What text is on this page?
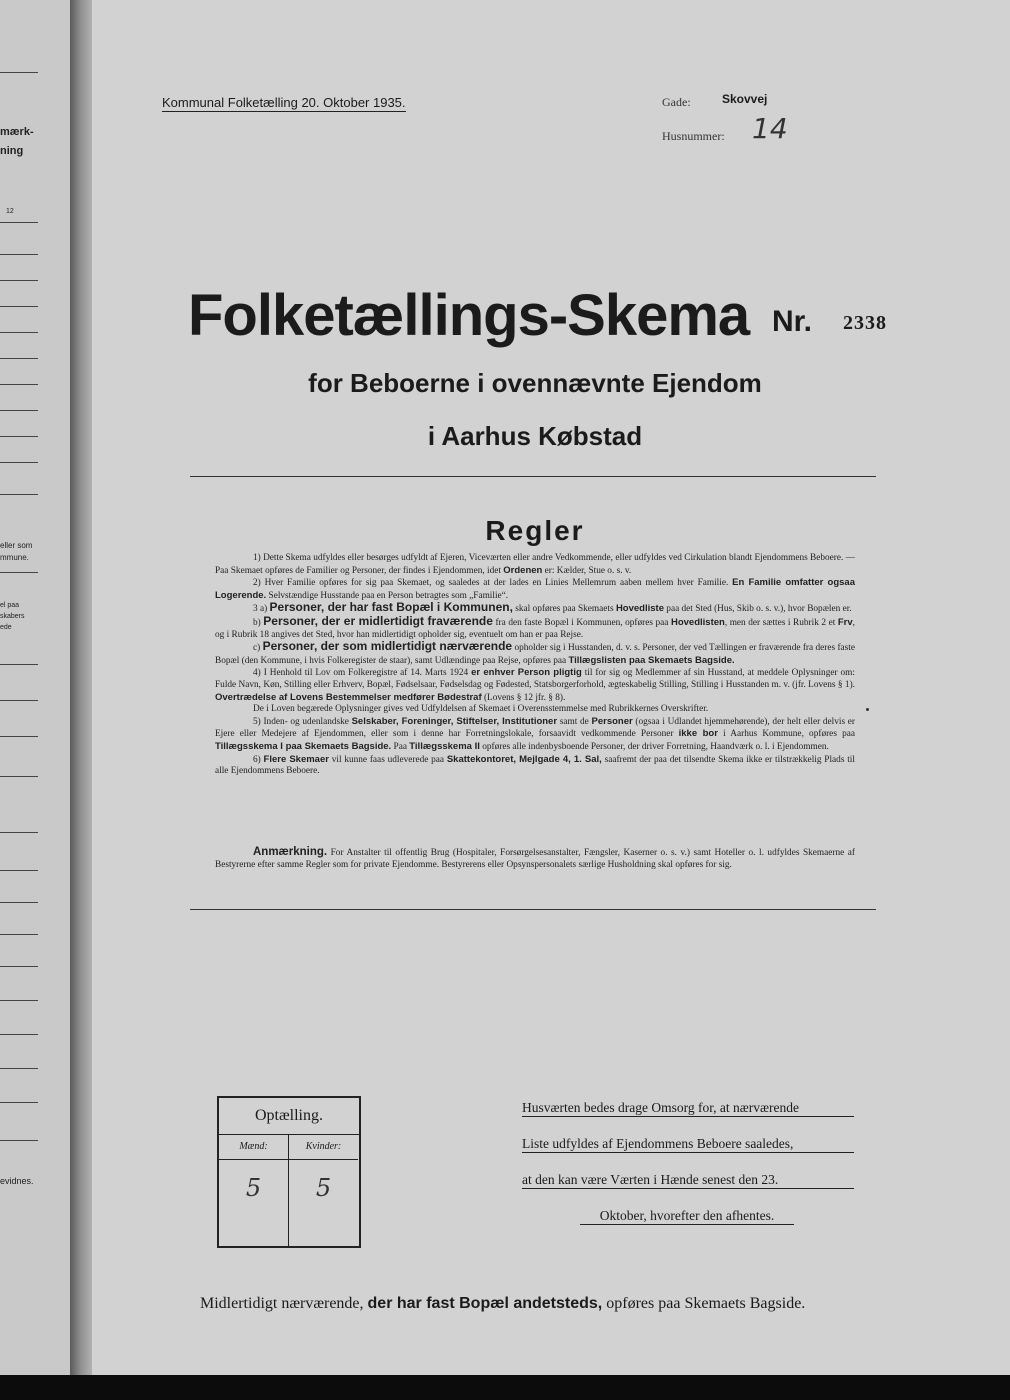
mærk-
ning
12
eller som
mmune.
el paa
skabers
ede
evidnes.
Kommunal Folketælling 20. Oktober 1935.	Gade:	Skovvej
Husnummer: 14
Folketællings-Skema Nr. 2338
for Beboerne i ovennævnte Ejendom
i Aarhus Købstad
Regler

1) Dette Skema udfyldes eller besørges udfyldt af Ejeren, Viceværten eller andre Vedkommende, eller udfyldes ved Cirkulation blandt Ejendommens Beboere. — Paa Skemaet opføres de Familier og Personer, der findes i Ejendommen, idet Ordenen er: Kælder, Stue o. s. v.

2) Hver Familie opføres for sig paa Skemaet, og saaledes at der lades en Linies Mellemrum aaben mellem hver Familie. En Familie omfatter ogsaa Logerende. Selvstændige Husstande paa en Person betragtes som „Familie“.

3 a) Personer, der har fast Bopæl i Kommunen, skal opføres paa Skemaets Hovedliste paa det Sted (Hus, Skib o. s. v.), hvor Bopælen er.

b) Personer, der er midlertidigt fraværende fra den faste Bopæl i Kommunen, opføres paa Hovedlisten, men der sættes i Rubrik 2 et Frv, og i Rubrik 18 angives det Sted, hvor han midlertidigt opholder sig, eventuelt om han er paa Rejse.

c) Personer, der som midlertidigt nærværende opholder sig i Husstanden, d. v. s. Personer, der ved Tællingen er fraværende fra deres faste Bopæl (den Kommune, i hvis Folkeregister de staar), samt Udlændinge paa Rejse, opføres paa Tillægslisten paa Skemaets Bagside.

4) I Henhold til Lov om Folkeregistre af 14. Marts 1924 er enhver Person pligtig til for sig og Medlemmer af sin Husstand, at meddele Oplysninger om: Fulde Navn, Køn, Stilling eller Erhverv, Bopæl, Fødselsaar, Fødselsdag og Fødested, Statsborgerforhold, ægteskabelig Stilling, Stilling i Husstanden m. v. (jfr. Lovens § 1). Overtrædelse af Lovens Bestemmelser medfører Bødestraf (Lovens § 12 jfr. § 8).

De i Loven begærede Oplysninger gives ved Udfyldelsen af Skemaet i Overensstemmelse med Rubrikkernes Overskrifter.

5) Inden- og udenlandske Selskaber, Foreninger, Stiftelser, Institutioner samt de Personer (ogsaa i Udlandet hjemmehørende), der helt eller delvis er Ejere eller Medejere af Ejendommen, eller som i denne har Forretningslokale, forsaavidt vedkommende Personer ikke bor i Aarhus Kommune, opføres paa Tillægsskema I paa Skemaets Bagside. Paa Tillægsskema II opføres alle indenbysboende Personer, der driver Forretning, Haandværk o. l. i Ejendommen.

6) Flere Skemaer vil kunne faas udleverede paa Skattekontoret, Mejlgade 4, 1. Sal, saafremt der paa det tilsendte Skema ikke er tilstrækkelig Plads til alle Ejendommens Beboere.

Anmærkning. For Anstalter til offentlig Brug (Hospitaler, Forsørgelsesanstalter, Fængsler, Kaserner o. s. v.) samt Hoteller o. l. udfyldes Skemaerne af Bestyrerne efter samme Regler som for private Ejendomme. Bestyrerens eller Opsynspersonalets særlige Husholdning skal opføres for sig.

Optælling.
Mænd:
5
Kvinder:
5
Husværten bedes drage Omsorg for, at nærværende
Liste udfyldes af Ejendommens Beboere saaledes,
at den kan være Værten i Hænde senest den 23.
Oktober, hvorefter den afhentes.
Midlertidigt nærværende, der har fast Bopæl andetsteds, opføres paa Skemaets Bagside.
